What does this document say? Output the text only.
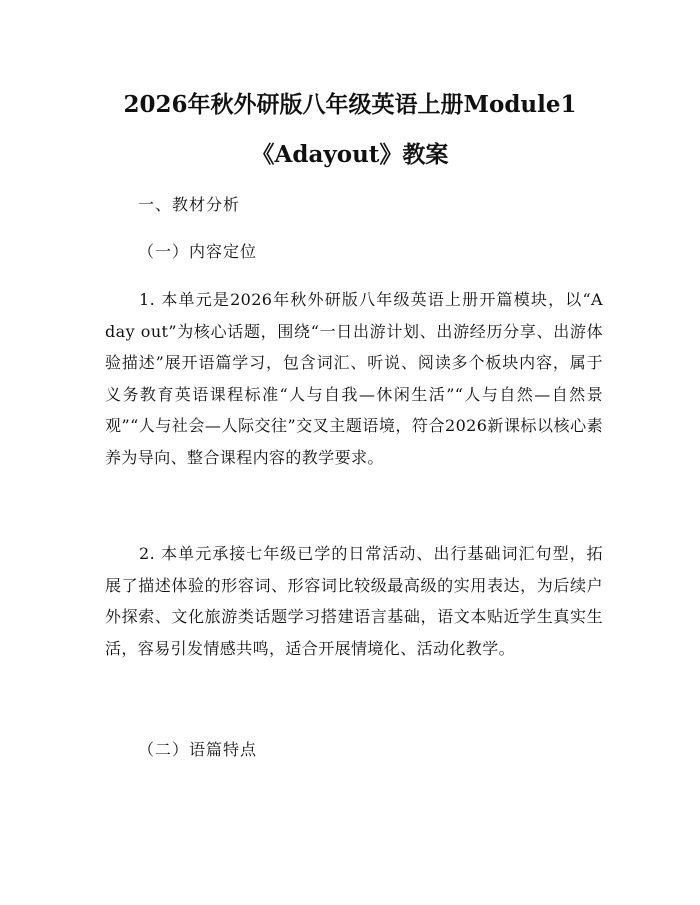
2026年秋外研版八年级英语上册Module1
《Adayout》教案
一、教材分析
（一）内容定位
1. 本单元是2026年秋外研版八年级英语上册开篇模块，以“A day out”为核心话题，围绕“一日出游计划、出游经历分享、出游体验描述”展开语篇学习，包含词汇、听说、阅读多个板块内容，属于义务教育英语课程标准“人与自我—休闲生活”“人与自然—自然景观”“人与社会—人际交往”交叉主题语境，符合2026新课标以核心素养为导向、整合课程内容的教学要求。
2. 本单元承接七年级已学的日常活动、出行基础词汇句型，拓展了描述体验的形容词、形容词比较级最高级的实用表达，为后续户外探索、文化旅游类话题学习搭建语言基础，语文本贴近学生真实生活，容易引发情感共鸣，适合开展情境化、活动化教学。
（二）语篇特点
